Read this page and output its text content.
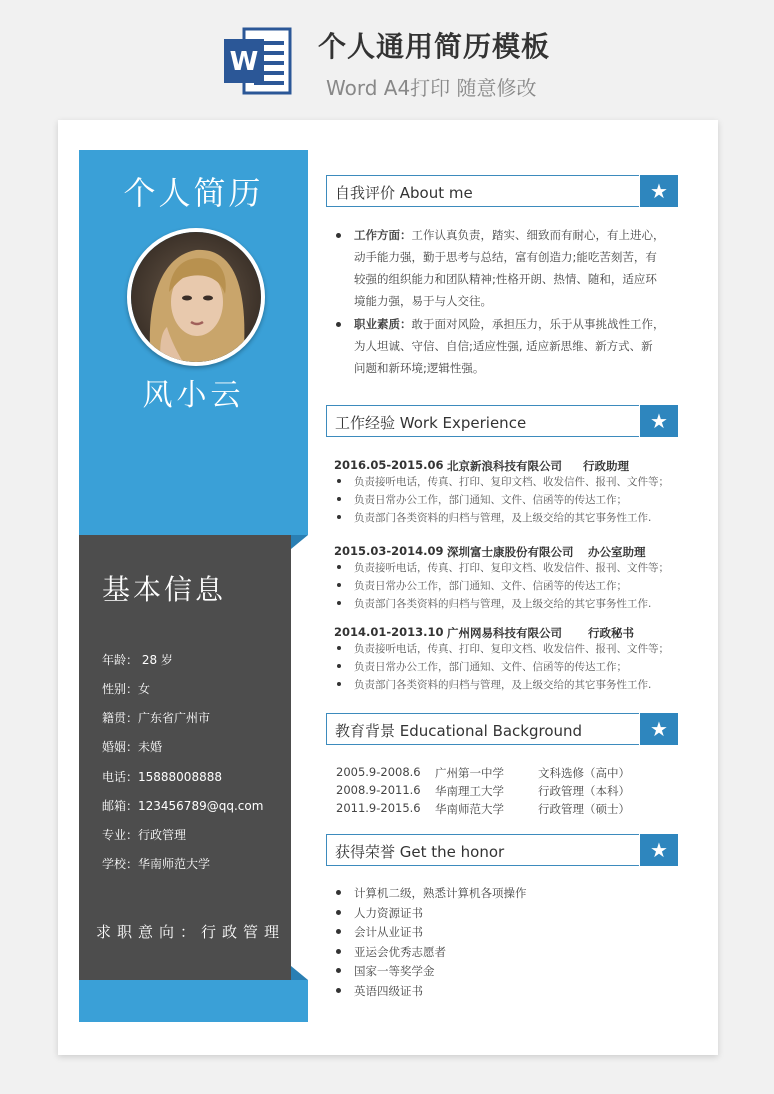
W 个人通用简历模板
Word A4打印 随意修改
个人简历
风小云
基本信息
年龄： 28 岁
性别：女
籍贯：广东省广州市
婚姻：未婚
电话：15888008888
邮箱：123456789@qq.com
专业：行政管理
学校：华南师范大学
求职意向：行政管理
自我评价 About me	★
工作方面：工作认真负责，踏实、细致而有耐心，有上进心，
动手能力强，勤于思考与总结，富有创造力;能吃苦刻苦，有
较强的组织能力和团队精神;性格开朗、热情、随和，适应环
境能力强，易于与人交往。
职业素质：敢于面对风险，承担压力，乐于从事挑战性工作，
为人坦诚、守信、自信;适应性强, 适应新思维、新方式、新
问题和新环境;逻辑性强。
工作经验 Work Experience	★
2016.05-2015.06 北京新浪科技有限公司 行政助理
负责接听电话，传真、打印、复印文档、收发信件、报刊、文件等；
负责日常办公工作，部门通知、文件、信函等的传达工作；
负责部门各类资料的归档与管理，及上级交给的其它事务性工作.
2015.03-2014.09 深圳富士康股份有限公司 办公室助理
负责接听电话，传真、打印、复印文档、收发信件、报刊、文件等；
负责日常办公工作，部门通知、文件、信函等的传达工作；
负责部门各类资料的归档与管理，及上级交给的其它事务性工作.
2014.01-2013.10 广州网易科技有限公司 行政秘书
负责接听电话，传真、打印、复印文档、收发信件、报刊、文件等；
负责日常办公工作，部门通知、文件、信函等的传达工作；
负责部门各类资料的归档与管理，及上级交给的其它事务性工作.
教育背景 Educational Background	★
2005.9-2008.6 广州第一中学	文科选修（高中）
2008.9-2011.6 华南理工大学	行政管理（本科）
2011.9-2015.6 华南师范大学	行政管理（硕士）
获得荣誉 Get the honor	★
计算机二级，熟悉计算机各项操作
人力资源证书
会计从业证书
亚运会优秀志愿者
国家一等奖学金
英语四级证书
